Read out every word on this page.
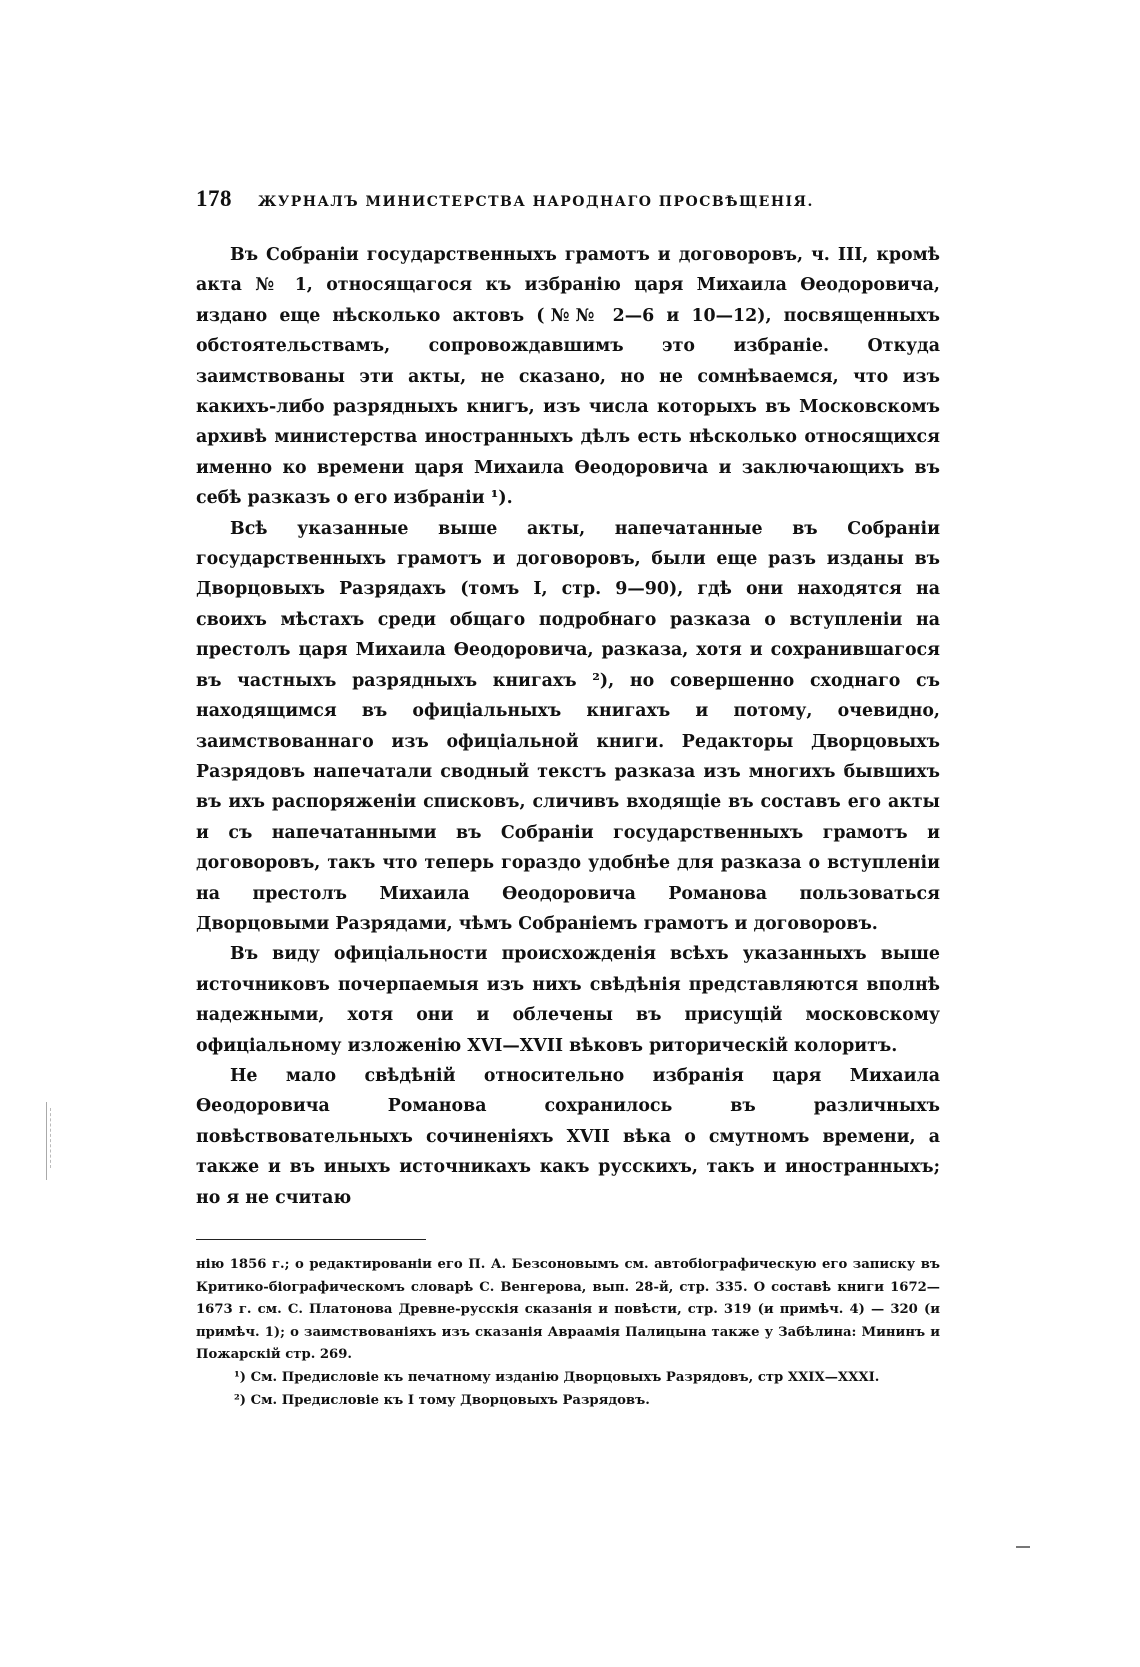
178 ЖУРНАЛЪ МИНИСТЕРСТВА НАРОДНАГО ПРОСВѢЩЕНІЯ.

Въ Собраніи государственныхъ грамотъ и договоровъ, ч. III, кромѣ акта № 1, относящагося къ избранію царя Михаила Ѳеодоровича, издано еще нѣсколько актовъ (№№ 2—6 и 10—12), посвященныхъ обстоятельствамъ, сопровождавшимъ это избраніе. Откуда заимствованы эти акты, не сказано, но не сомнѣваемся, что изъ какихъ-либо разрядныхъ книгъ, изъ числа которыхъ въ Московскомъ архивѣ министерства иностранныхъ дѣлъ есть нѣсколько относящихся именно ко времени царя Михаила Ѳеодоровича и заключающихъ въ себѣ разказъ о его избраніи ¹).

Всѣ указанные выше акты, напечатанные въ Собраніи государственныхъ грамотъ и договоровъ, были еще разъ изданы въ Дворцовыхъ Разрядахъ (томъ I, стр. 9—90), гдѣ они находятся на своихъ мѣстахъ среди общаго подробнаго разказа о вступленіи на престолъ царя Михаила Ѳеодоровича, разказа, хотя и сохранившагося въ частныхъ разрядныхъ книгахъ ²), но совершенно сходнаго съ находящимся въ офиціальныхъ книгахъ и потому, очевидно, заимствованнаго изъ офиціальной книги. Редакторы Дворцовыхъ Разрядовъ напечатали сводный текстъ разказа изъ многихъ бывшихъ въ ихъ распоряженіи списковъ, сличивъ входящіе въ составъ его акты и съ напечатанными въ Собраніи государственныхъ грамотъ и договоровъ, такъ что теперь гораздо удобнѣе для разказа о вступленіи на престолъ Михаила Ѳеодоровича Романова пользоваться Дворцовыми Разрядами, чѣмъ Собраніемъ грамотъ и договоровъ.

Въ виду офиціальности происхожденія всѣхъ указанныхъ выше источниковъ почерпаемыя изъ нихъ свѣдѣнія представляются вполнѣ надежными, хотя они и облечены въ присущій московскому офиціальному изложенію XVI—XVII вѣковъ риторическій колоритъ.

Не мало свѣдѣній относительно избранія царя Михаила Ѳеодоровича Романова сохранилось въ различныхъ повѣствовательныхъ сочиненіяхъ XVII вѣка о смутномъ времени, а также и въ иныхъ источникахъ какъ русскихъ, такъ и иностранныхъ; но я не считаю

нію 1856 г.; о редактированіи его П. А. Безсоновымъ см. автобіографическую его записку въ Критико-біографическомъ словарѣ С. Венгерова, вып. 28-й, стр. 335. О составѣ книги 1672—1673 г. см. С. Платонова Древне-русскія сказанія и повѣсти, стр. 319 (и примѣч. 4) — 320 (и примѣч. 1); о заимствованіяхъ изъ сказанія Авраамія Палицына также у Забѣлина: Мининъ и Пожарскій стр. 269.

¹) См. Предисловіе къ печатному изданію Дворцовыхъ Разрядовъ, стр XXIX—XXXI.

²) См. Предисловіе къ I тому Дворцовыхъ Разрядовъ.
